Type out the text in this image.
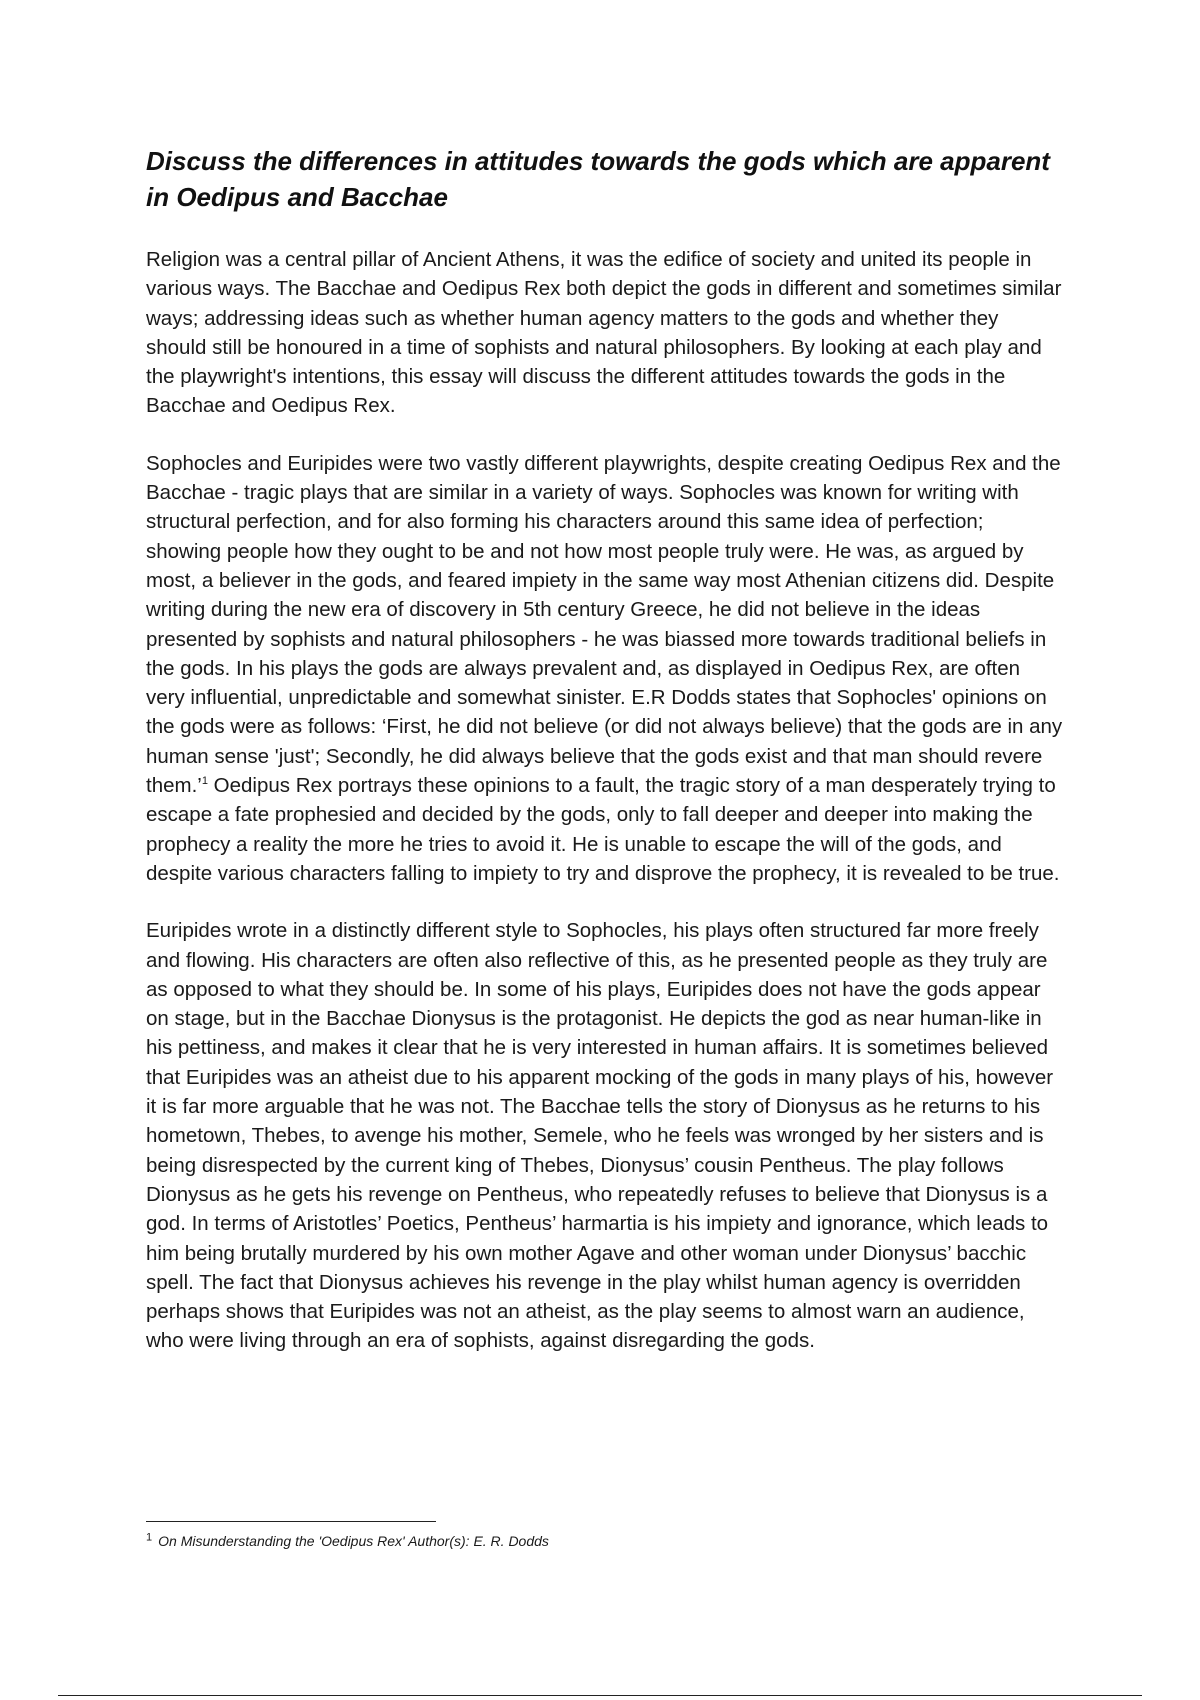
Discuss the differences in attitudes towards the gods which are apparent in Oedipus and Bacchae

Religion was a central pillar of Ancient Athens, it was the edifice of society and united its people in various ways. The Bacchae and Oedipus Rex both depict the gods in different and sometimes similar ways; addressing ideas such as whether human agency matters to the gods and whether they should still be honoured in a time of sophists and natural philosophers. By looking at each play and the playwright's intentions, this essay will discuss the different attitudes towards the gods in the Bacchae and Oedipus Rex.

Sophocles and Euripides were two vastly different playwrights, despite creating Oedipus Rex and the Bacchae - tragic plays that are similar in a variety of ways. Sophocles was known for writing with structural perfection, and for also forming his characters around this same idea of perfection; showing people how they ought to be and not how most people truly were. He was, as argued by most, a believer in the gods, and feared impiety in the same way most Athenian citizens did. Despite writing during the new era of discovery in 5th century Greece, he did not believe in the ideas presented by sophists and natural philosophers - he was biassed more towards traditional beliefs in the gods. In his plays the gods are always prevalent and, as displayed in Oedipus Rex, are often very influential, unpredictable and somewhat sinister. E.R Dodds states that Sophocles' opinions on the gods were as follows: ‘First, he did not believe (or did not always believe) that the gods are in any human sense 'just'; Secondly, he did always believe that the gods exist and that man should revere them.’$^1$ Oedipus Rex portrays these opinions to a fault, the tragic story of a man desperately trying to escape a fate prophesied and decided by the gods, only to fall deeper and deeper into making the prophecy a reality the more he tries to avoid it. He is unable to escape the will of the gods, and despite various characters falling to impiety to try and disprove the prophecy, it is revealed to be true.

Euripides wrote in a distinctly different style to Sophocles, his plays often structured far more freely and flowing. His characters are often also reflective of this, as he presented people as they truly are as opposed to what they should be. In some of his plays, Euripides does not have the gods appear on stage, but in the Bacchae Dionysus is the protagonist. He depicts the god as near human-like in his pettiness, and makes it clear that he is very interested in human affairs. It is sometimes believed that Euripides was an atheist due to his apparent mocking of the gods in many plays of his, however it is far more arguable that he was not. The Bacchae tells the story of Dionysus as he returns to his hometown, Thebes, to avenge his mother, Semele, who he feels was wronged by her sisters and is being disrespected by the current king of Thebes, Dionysus’ cousin Pentheus. The play follows Dionysus as he gets his revenge on Pentheus, who repeatedly refuses to believe that Dionysus is a god. In terms of Aristotles’ Poetics, Pentheus’ harmartia is his impiety and ignorance, which leads to him being brutally murdered by his own mother Agave and other woman under Dionysus’ bacchic spell. The fact that Dionysus achieves his revenge in the play whilst human agency is overridden perhaps shows that Euripides was not an atheist, as the play seems to almost warn an audience, who were living through an era of sophists, against disregarding the gods.

$^1$ On Misunderstanding the 'Oedipus Rex' Author(s): E. R. Dodds
